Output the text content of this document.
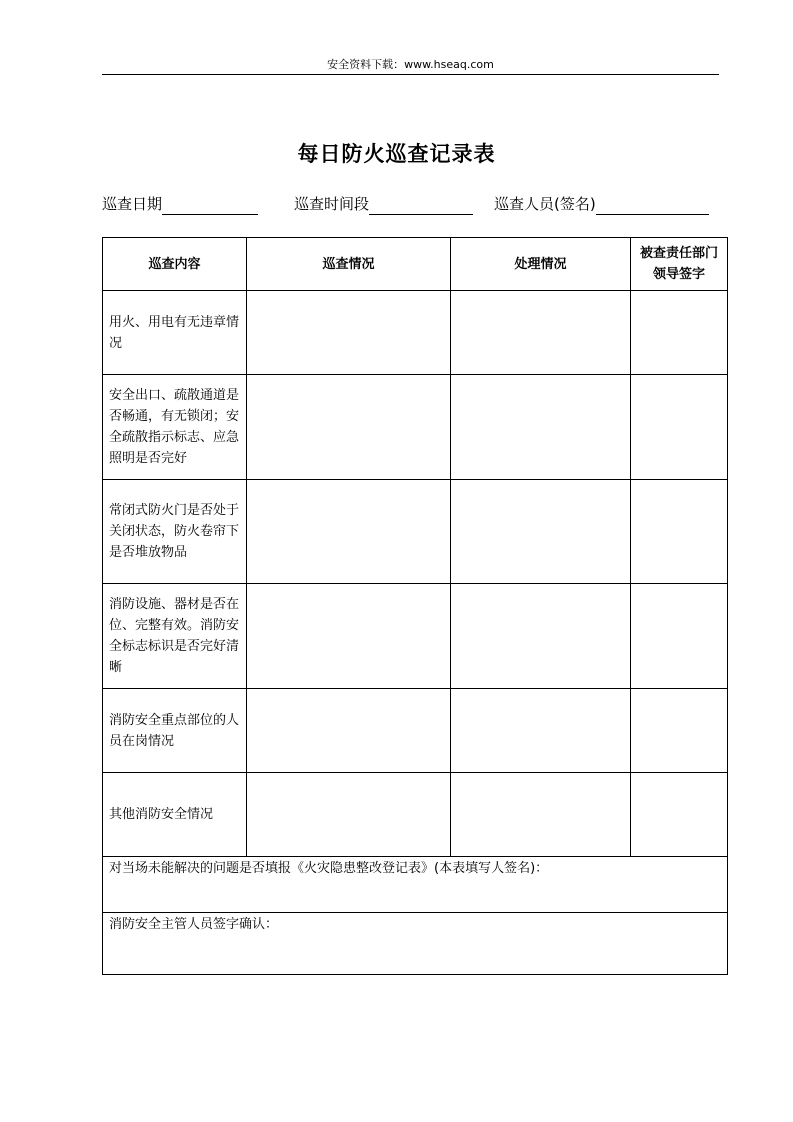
安全资料下载：www.hseaq.com
每日防火巡查记录表
巡查日期	巡查时间段	巡查人员(签名)
巡查内容	巡查情况	处理情况	被查责任部门领导签字
用火、用电有无违章情况			
安全出口、疏散通道是否畅通，有无锁闭；安全疏散指示标志、应急照明是否完好			
常闭式防火门是否处于关闭状态，防火卷帘下是否堆放物品			
消防设施、器材是否在位、完整有效。消防安全标志标识是否完好清晰			
消防安全重点部位的人员在岗情况			
其他消防安全情况			
对当场未能解决的问题是否填报《火灾隐患整改登记表》(本表填写人签名)：			
消防安全主管人员签字确认：			
